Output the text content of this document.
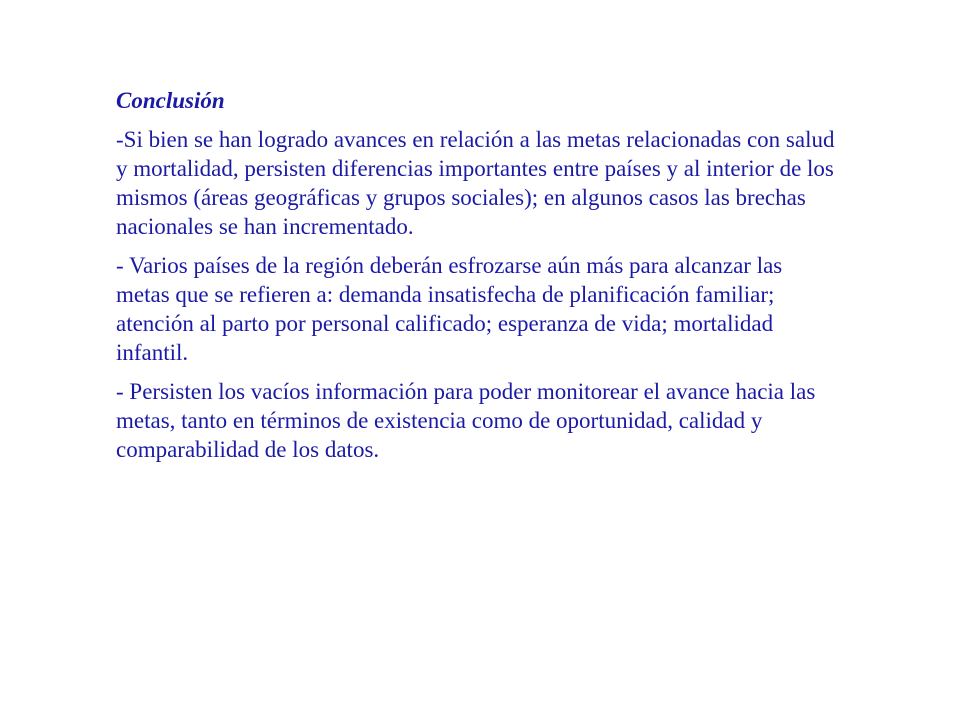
Conclusión
-Si bien se han logrado avances en relación a las metas relacionadas con salud y mortalidad, persisten diferencias importantes entre países y al interior de los mismos (áreas geográficas y grupos sociales); en algunos casos las brechas nacionales se han incrementado.
- Varios países de la región deberán esfrozarse aún más para alcanzar las metas que se refieren a: demanda insatisfecha de planificación familiar; atención al parto por personal calificado; esperanza de vida; mortalidad infantil.
- Persisten los vacíos información para poder monitorear el avance hacia las metas, tanto en términos de existencia como de oportunidad, calidad y comparabilidad de los datos.
